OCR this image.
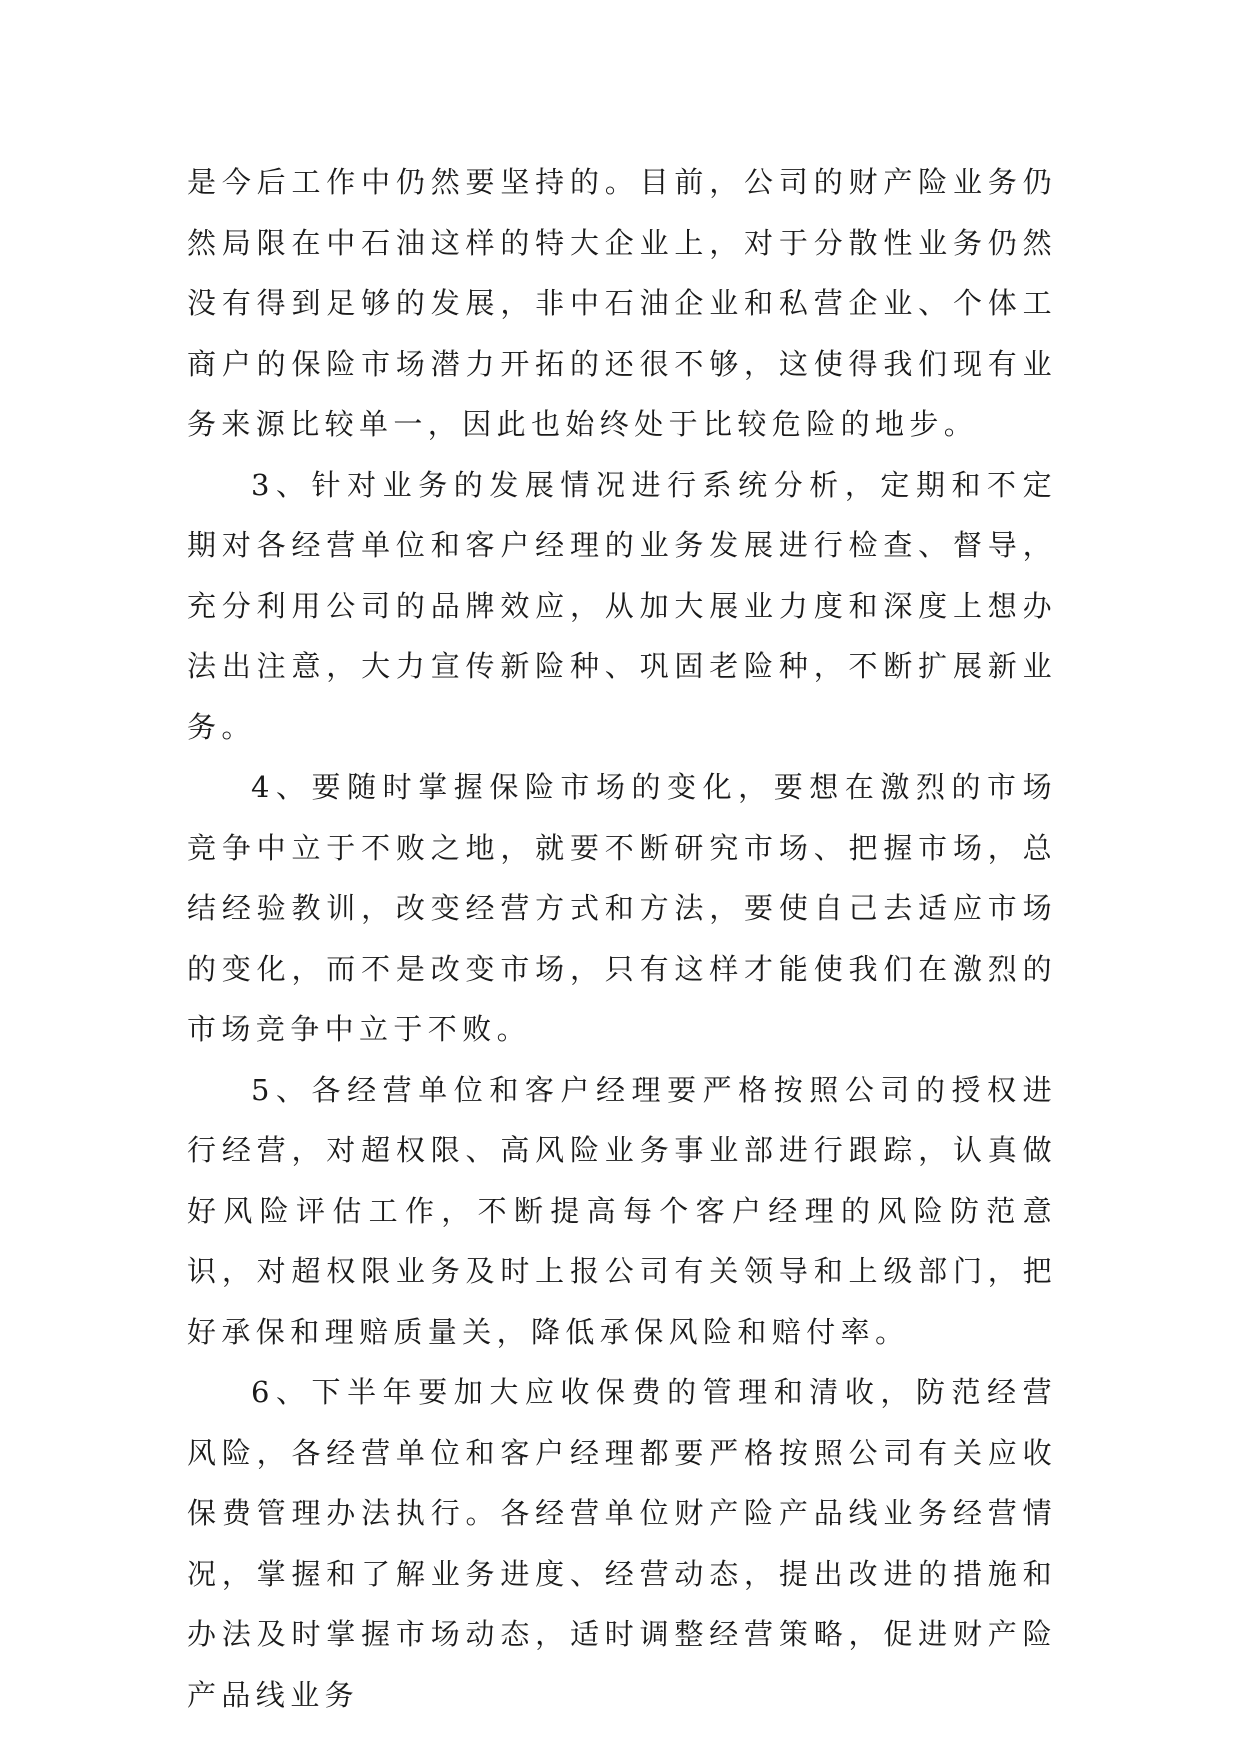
是今后工作中仍然要坚持的。目前，公司的财产险业务仍然局限在中石油这样的特大企业上，对于分散性业务仍然没有得到足够的发展，非中石油企业和私营企业、个体工商户的保险市场潜力开拓的还很不够，这使得我们现有业务来源比较单一，因此也始终处于比较危险的地步。

3、针对业务的发展情况进行系统分析，定期和不定期对各经营单位和客户经理的业务发展进行检查、督导，充分利用公司的品牌效应，从加大展业力度和深度上想办法出注意，大力宣传新险种、巩固老险种，不断扩展新业务。

4、要随时掌握保险市场的变化，要想在激烈的市场竞争中立于不败之地，就要不断研究市场、把握市场，总结经验教训，改变经营方式和方法，要使自己去适应市场的变化，而不是改变市场，只有这样才能使我们在激烈的市场竞争中立于不败。

5、各经营单位和客户经理要严格按照公司的授权进行经营，对超权限、高风险业务事业部进行跟踪，认真做好风险评估工作，不断提高每个客户经理的风险防范意识，对超权限业务及时上报公司有关领导和上级部门，把好承保和理赔质量关，降低承保风险和赔付率。

6、下半年要加大应收保费的管理和清收，防范经营风险，各经营单位和客户经理都要严格按照公司有关应收保费管理办法执行。各经营单位财产险产品线业务经营情况，掌握和了解业务进度、经营动态，提出改进的措施和办法及时掌握市场动态，适时调整经营策略，促进财产险产品线业务
